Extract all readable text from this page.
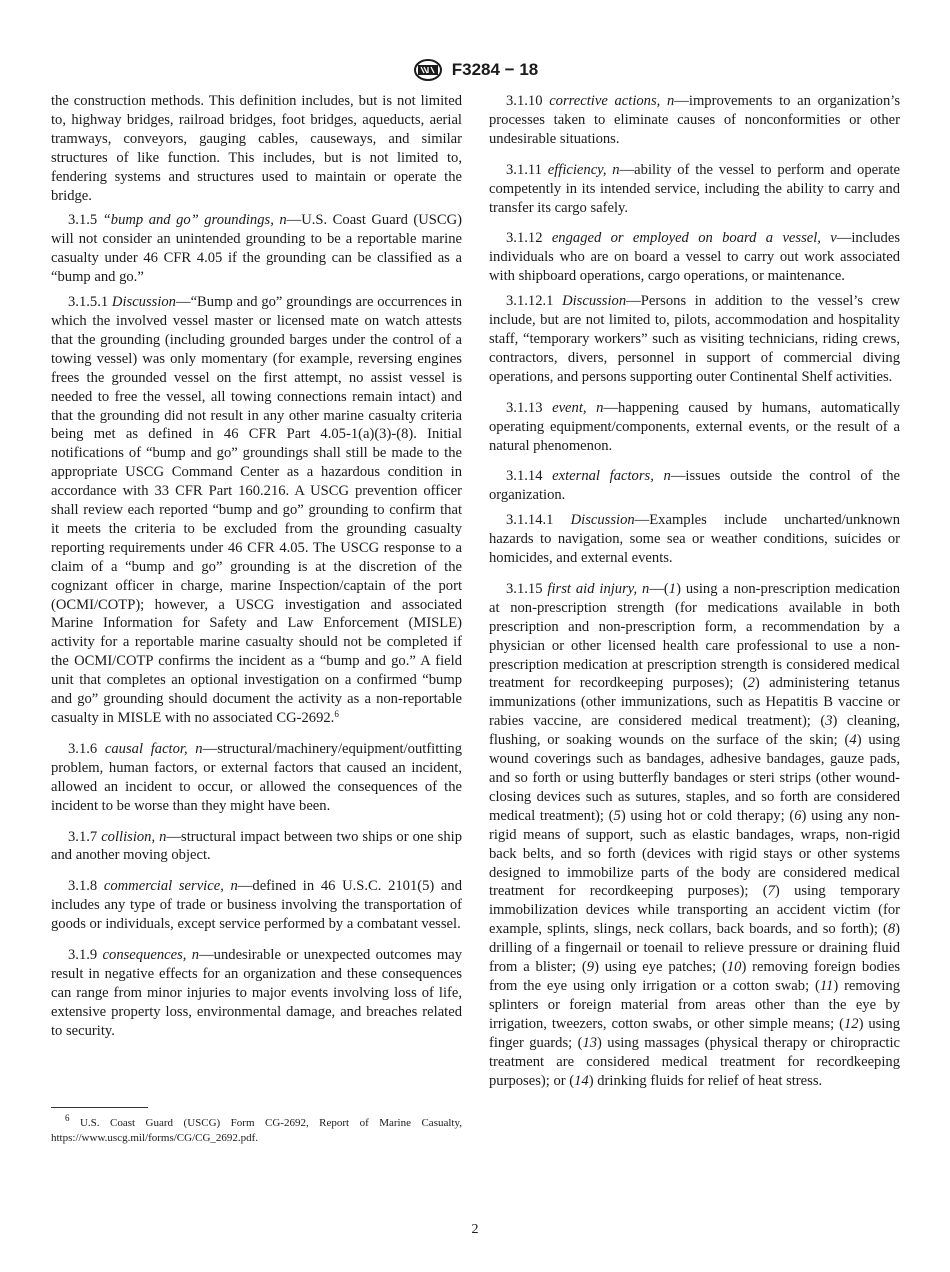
F3284 − 18

the construction methods. This definition includes, but is not limited to, highway bridges, railroad bridges, foot bridges, aqueducts, aerial tramways, conveyors, gauging cables, causeways, and similar structures of like function. This includes, but is not limited to, fendering systems and structures used to maintain or operate the bridge.

3.1.5 “bump and go” groundings, n—U.S. Coast Guard (USCG) will not consider an unintended grounding to be a reportable marine casualty under 46 CFR 4.05 if the grounding can be classified as a “bump and go.”

3.1.5.1 Discussion—“Bump and go” groundings are occurrences in which the involved vessel master or licensed mate on watch attests that the grounding (including grounded barges under the control of a towing vessel) was only momentary (for example, reversing engines frees the grounded vessel on the first attempt, no assist vessel is needed to free the vessel, all towing connections remain intact) and that the grounding did not result in any other marine casualty criteria being met as defined in 46 CFR Part 4.05-1(a)(3)-(8). Initial notifications of “bump and go” groundings shall still be made to the appropriate USCG Command Center as a hazardous condition in accordance with 33 CFR Part 160.216. A USCG prevention officer shall review each reported “bump and go” grounding to confirm that it meets the criteria to be excluded from the grounding casualty reporting requirements under 46 CFR 4.05. The USCG response to a claim of a “bump and go” grounding is at the discretion of the cognizant officer in charge, marine Inspection/captain of the port (OCMI/COTP); however, a USCG investigation and associated Marine Information for Safety and Law Enforcement (MISLE) activity for a reportable marine casualty should not be completed if the OCMI/COTP confirms the incident as a “bump and go.” A field unit that completes an optional investigation on a confirmed “bump and go” grounding should document the activity as a non-reportable casualty in MISLE with no associated CG-2692.$^6$

3.1.6 causal factor, n—structural/machinery/equipment/outfitting problem, human factors, or external factors that caused an incident, allowed an incident to occur, or allowed the consequences of the incident to be worse than they might have been.

3.1.7 collision, n—structural impact between two ships or one ship and another moving object.

3.1.8 commercial service, n—defined in 46 U.S.C. 2101(5) and includes any type of trade or business involving the transportation of goods or individuals, except service performed by a combatant vessel.

3.1.9 consequences, n—undesirable or unexpected outcomes may result in negative effects for an organization and these consequences can range from minor injuries to major events involving loss of life, extensive property loss, environmental damage, and breaches related to security.

$^6$ U.S. Coast Guard (USCG) Form CG-2692, Report of Marine Casualty, https://www.uscg.mil/forms/CG/CG_2692.pdf.

3.1.10 corrective actions, n—improvements to an organization’s processes taken to eliminate causes of nonconformities or other undesirable situations.

3.1.11 efficiency, n—ability of the vessel to perform and operate competently in its intended service, including the ability to carry and transfer its cargo safely.

3.1.12 engaged or employed on board a vessel, v—includes individuals who are on board a vessel to carry out work associated with shipboard operations, cargo operations, or maintenance.

3.1.12.1 Discussion—Persons in addition to the vessel’s crew include, but are not limited to, pilots, accommodation and hospitality staff, “temporary workers” such as visiting technicians, riding crews, contractors, divers, personnel in support of commercial diving operations, and persons supporting outer Continental Shelf activities.

3.1.13 event, n—happening caused by humans, automatically operating equipment/components, external events, or the result of a natural phenomenon.

3.1.14 external factors, n—issues outside the control of the organization.

3.1.14.1 Discussion—Examples include uncharted/unknown hazards to navigation, some sea or weather conditions, suicides or homicides, and external events.

3.1.15 first aid injury, n—(1) using a non-prescription medication at non-prescription strength (for medications available in both prescription and non-prescription form, a recommendation by a physician or other licensed health care professional to use a non-prescription medication at prescription strength is considered medical treatment for recordkeeping purposes); (2) administering tetanus immunizations (other immunizations, such as Hepatitis B vaccine or rabies vaccine, are considered medical treatment); (3) cleaning, flushing, or soaking wounds on the surface of the skin; (4) using wound coverings such as bandages, adhesive bandages, gauze pads, and so forth or using butterfly bandages or steri strips (other wound-closing devices such as sutures, staples, and so forth are considered medical treatment); (5) using hot or cold therapy; (6) using any non-rigid means of support, such as elastic bandages, wraps, non-rigid back belts, and so forth (devices with rigid stays or other systems designed to immobilize parts of the body are considered medical treatment for recordkeeping purposes); (7) using temporary immobilization devices while transporting an accident victim (for example, splints, slings, neck collars, back boards, and so forth); (8) drilling of a fingernail or toenail to relieve pressure or draining fluid from a blister; (9) using eye patches; (10) removing foreign bodies from the eye using only irrigation or a cotton swab; (11) removing splinters or foreign material from areas other than the eye by irrigation, tweezers, cotton swabs, or other simple means; (12) using finger guards; (13) using massages (physical therapy or chiropractic treatment are considered medical treatment for recordkeeping purposes); or (14) drinking fluids for relief of heat stress.

2
